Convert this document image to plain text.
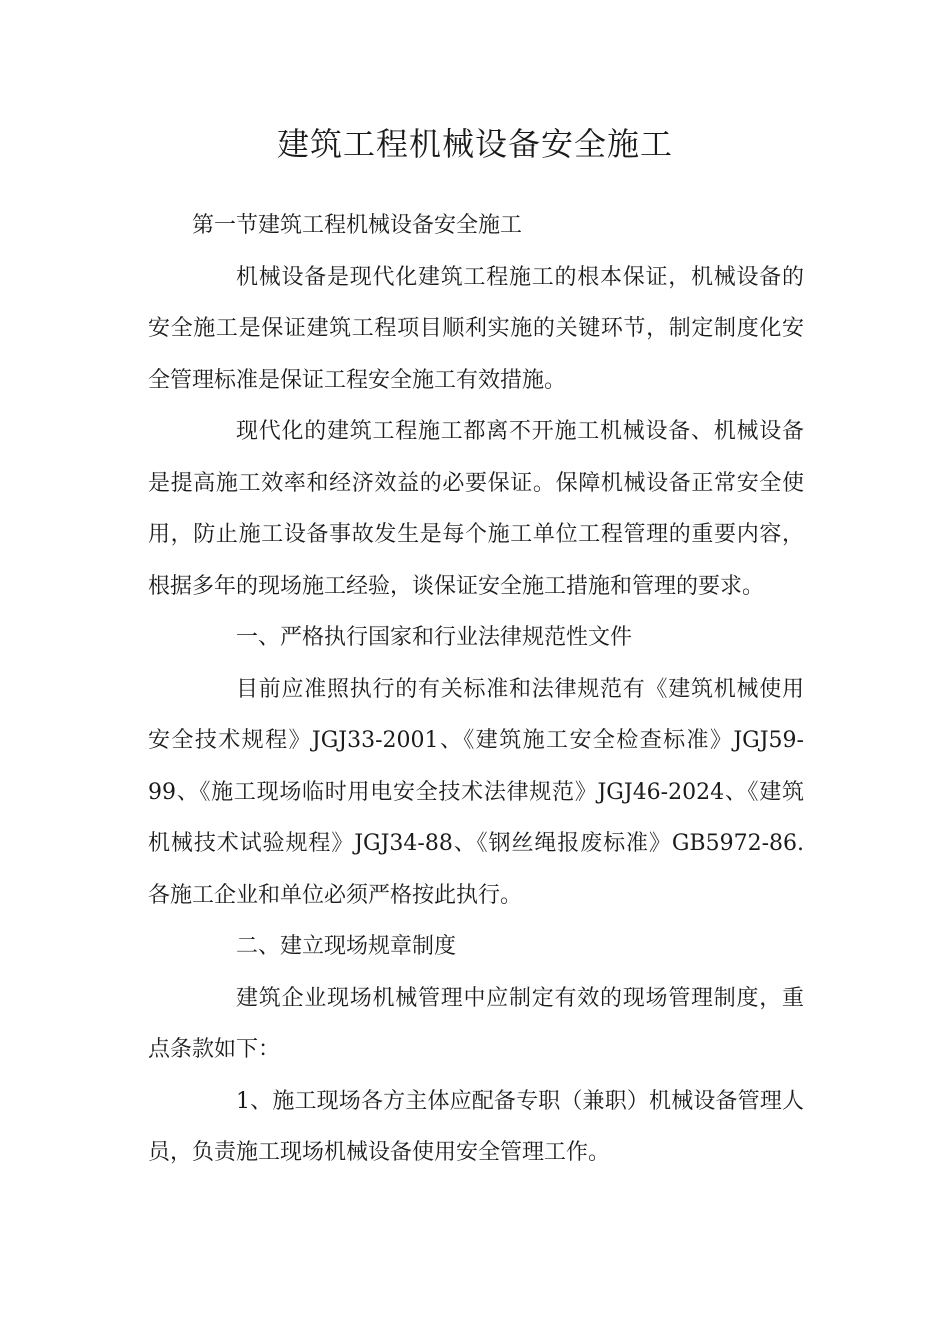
建筑工程机械设备安全施工

第一节建筑工程机械设备安全施工

机械设备是现代化建筑工程施工的根本保证，机械设备的安全施工是保证建筑工程项目顺利实施的关键环节，制定制度化安全管理标准是保证工程安全施工有效措施。

现代化的建筑工程施工都离不开施工机械设备、机械设备是提高施工效率和经济效益的必要保证。保障机械设备正常安全使用，防止施工设备事故发生是每个施工单位工程管理的重要内容，根据多年的现场施工经验，谈保证安全施工措施和管理的要求。

一、严格执行国家和行业法律规范性文件

目前应准照执行的有关标准和法律规范有《建筑机械使用安全技术规程》JGJ33-2001、《建筑施工安全检查标准》JGJ59-99、《施工现场临时用电安全技术法律规范》JGJ46-2024、《建筑机械技术试验规程》JGJ34-88、《钢丝绳报废标准》GB5972-86.各施工企业和单位必须严格按此执行。

二、建立现场规章制度

建筑企业现场机械管理中应制定有效的现场管理制度，重点条款如下：

1、施工现场各方主体应配备专职（兼职）机械设备管理人员，负责施工现场机械设备使用安全管理工作。
